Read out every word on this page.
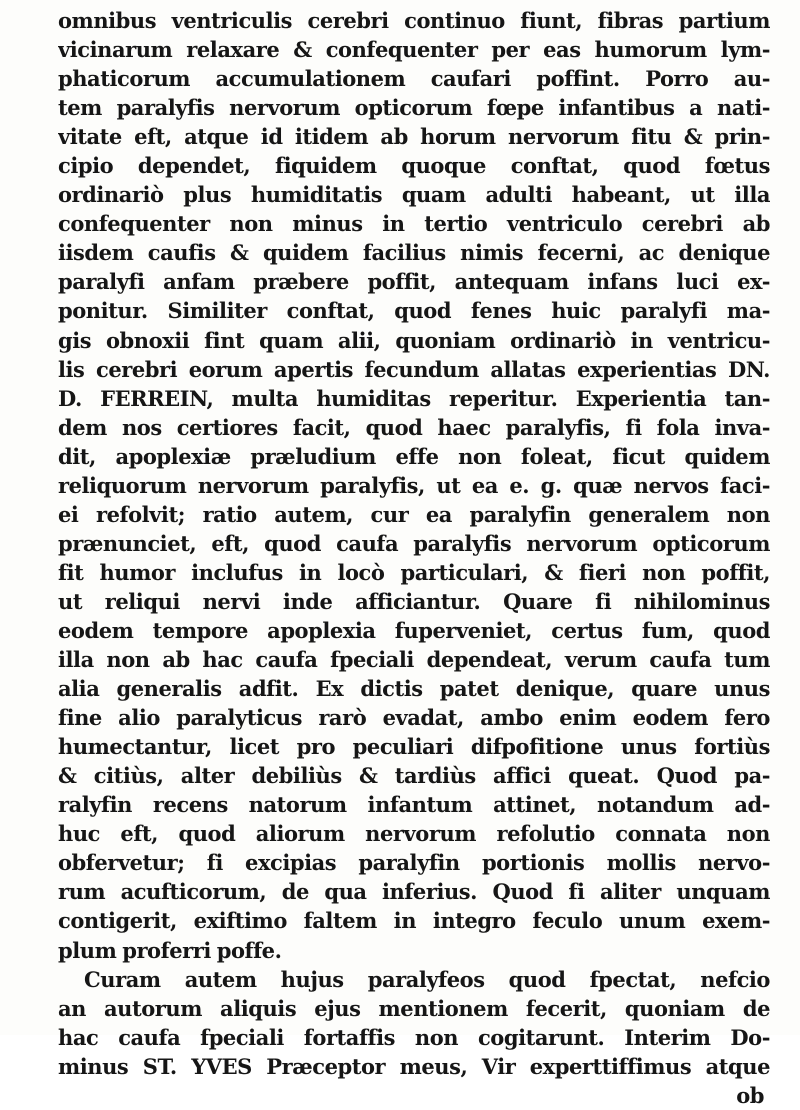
omnibus ventriculis cerebri continuo fiunt, fibras partium
vicinarum relaxare & confequenter per eas humorum lym-
phaticorum accumulationem caufari poffint. Porro au-
tem paralyfis nervorum opticorum fœpe infantibus a nati-
vitate eft, atque id itidem ab horum nervorum fitu & prin-
cipio dependet, fiquidem quoque conftat, quod fœtus
ordinariò plus humiditatis quam adulti habeant, ut illa
confequenter non minus in tertio ventriculo cerebri ab
iisdem caufis & quidem facilius nimis fecerni, ac denique
paralyfi anfam præbere poffit, antequam infans luci ex-
ponitur. Similiter conftat, quod fenes huic paralyfi ma-
gis obnoxii fint quam alii, quoniam ordinariò in ventricu-
lis cerebri eorum apertis fecundum allatas experientias DN.
D. FERREIN, multa humiditas reperitur. Experientia tan-
dem nos certiores facit, quod haec paralyfis, fi fola inva-
dit, apoplexiæ præludium effe non foleat, ficut quidem
reliquorum nervorum paralyfis, ut ea e. g. quæ nervos faci-
ei refolvit; ratio autem, cur ea paralyfin generalem non
prænunciet, eft, quod caufa paralyfis nervorum opticorum
fit humor inclufus in locò particulari, & fieri non poffit,
ut reliqui nervi inde afficiantur. Quare fi nihilominus
eodem tempore apoplexia fuperveniet, certus fum, quod
illa non ab hac caufa fpeciali dependeat, verum caufa tum
alia generalis adfit. Ex dictis patet denique, quare unus
fine alio paralyticus rarò evadat, ambo enim eodem fero
humectantur, licet pro peculiari difpofitione unus fortiùs
& citiùs, alter debiliùs & tardiùs affici queat. Quod pa-
ralyfin recens natorum infantum attinet, notandum ad-
huc eft, quod aliorum nervorum refolutio connata non
obfervetur; fi excipias paralyfin portionis mollis nervo-
rum acufticorum, de qua inferius. Quod fi aliter unquam
contigerit, exiftimo faltem in integro feculo unum exem-
plum proferri poffe.
Curam autem hujus paralyfeos quod fpectat, nefcio
an autorum aliquis ejus mentionem fecerit, quoniam de
hac caufa fpeciali fortaffis non cogitarunt. Interim Do-
minus ST. YVES Præceptor meus, Vir experttiffimus atque
ob
